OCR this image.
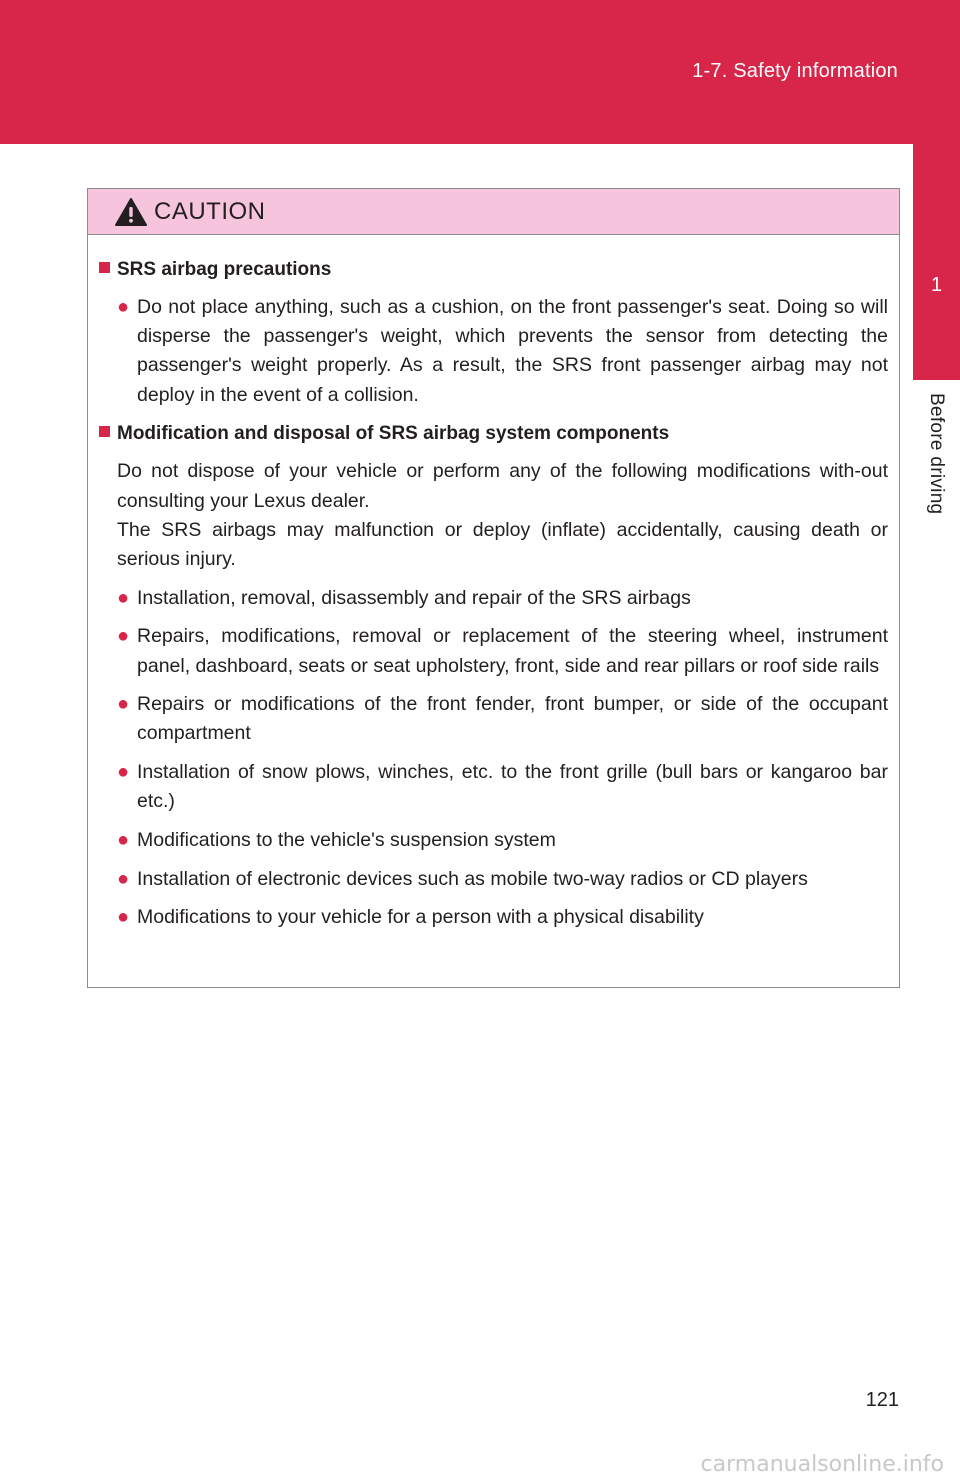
1-7. Safety information
1
Before driving
CAUTION
SRS airbag precautions
● Do not place anything, such as a cushion, on the front passenger's seat. Doing so will disperse the passenger's weight, which prevents the sensor from detecting the passenger's weight properly. As a result, the SRS front passenger airbag may not deploy in the event of a collision.
Modification and disposal of SRS airbag system components
Do not dispose of your vehicle or perform any of the following modifications with-out consulting your Lexus dealer.
The SRS airbags may malfunction or deploy (inflate) accidentally, causing death or serious injury.
● Installation, removal, disassembly and repair of the SRS airbags
● Repairs, modifications, removal or replacement of the steering wheel, instrument panel, dashboard, seats or seat upholstery, front, side and rear pillars or roof side rails
● Repairs or modifications of the front fender, front bumper, or side of the occupant compartment
● Installation of snow plows, winches, etc. to the front grille (bull bars or kangaroo bar etc.)
● Modifications to the vehicle's suspension system
● Installation of electronic devices such as mobile two-way radios or CD players
● Modifications to your vehicle for a person with a physical disability
121
carmanualsonline.info
